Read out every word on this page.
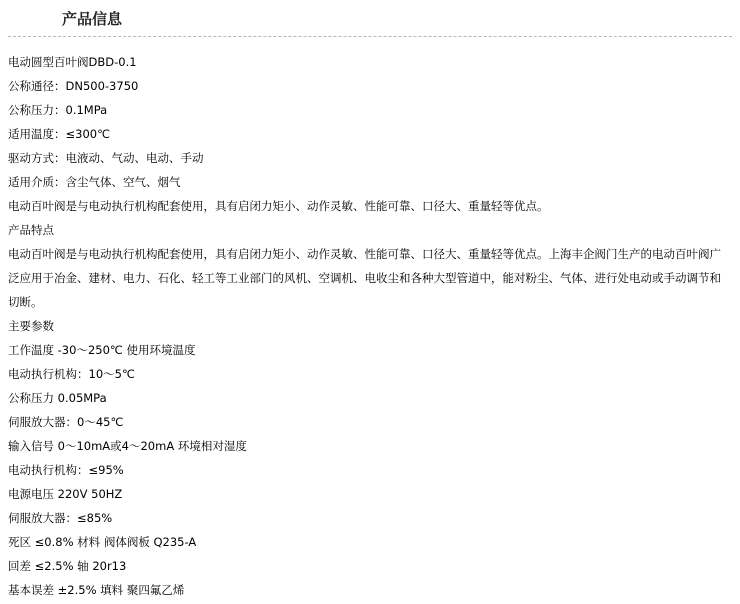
产品信息
电动圆型百叶阀DBD-0.1
公称通径：DN500-3750
公称压力：0.1MPa
适用温度：≤300℃
驱动方式：电液动、气动、电动、手动
适用介质：含尘气体、空气、烟气
电动百叶阀是与电动执行机构配套使用，具有启闭力矩小、动作灵敏、性能可靠、口径大、重量轻等优点。
产品特点
电动百叶阀是与电动执行机构配套使用，具有启闭力矩小、动作灵敏、性能可靠、口径大、重量轻等优点。上海丰企阀门生产的电动百叶阀广泛应用于冶金、建材、电力、石化、轻工等工业部门的风机、空调机、电收尘和各种大型管道中，能对粉尘、气体、进行处电动或手动调节和切断。
主要参数
工作温度 -30～250℃ 使用环境温度
电动执行机构：10～5℃
公称压力 0.05MPa
伺服放大器：0～45℃
输入信号 0～10mA或4～20mA 环境相对湿度
电动执行机构：≤95%
电源电压 220V 50HZ
伺服放大器：≤85%
死区 ≤0.8% 材料 阀体阀板 Q235-A
回差 ≤2.5% 轴 20r13
基本误差 ±2.5% 填料 聚四氟乙烯
